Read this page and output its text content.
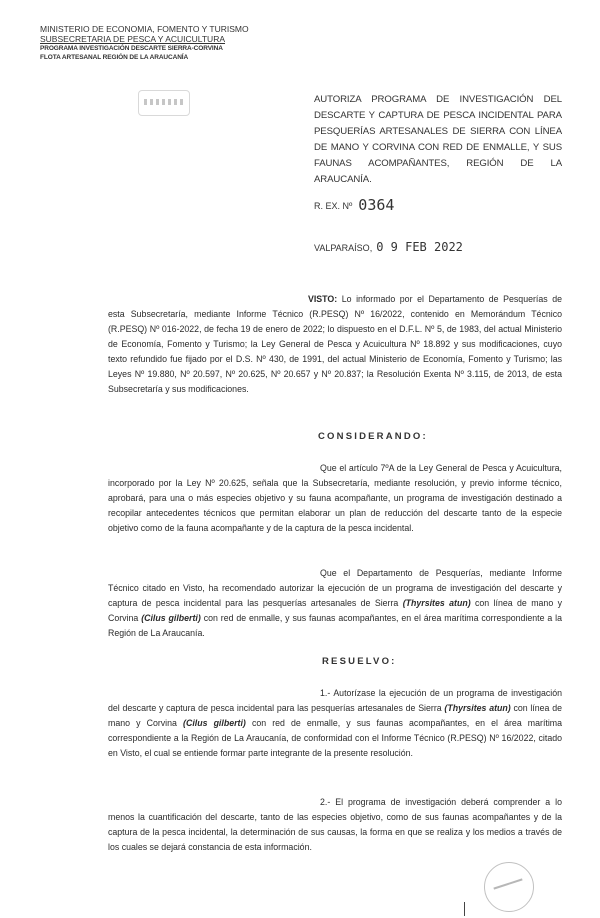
MINISTERIO DE ECONOMIA, FOMENTO Y TURISMO
SUBSECRETARIA DE PESCA Y ACUICULTURA
PROGRAMA INVESTIGACIÓN DESCARTE SIERRA-CORVINA
FLOTA ARTESANAL REGIÓN DE LA ARAUCANÍA
AUTORIZA PROGRAMA DE INVESTIGACIÓN DEL DESCARTE Y CAPTURA DE PESCA INCIDENTAL PARA PESQUERÍAS ARTESANALES DE SIERRA CON LÍNEA DE MANO Y CORVINA CON RED DE ENMALLE, Y SUS FAUNAS ACOMPAÑANTES, REGIÓN DE LA ARAUCANÍA.
R. EX. Nº 0364
VALPARAÍSO, 0 9 FEB 2022
VISTO: Lo informado por el Departamento de Pesquerías de esta Subsecretaría, mediante Informe Técnico (R.PESQ) Nº 16/2022, contenido en Memorándum Técnico (R.PESQ) Nº 016-2022, de fecha 19 de enero de 2022; lo dispuesto en el D.F.L. Nº 5, de 1983, del actual Ministerio de Economía, Fomento y Turismo; la Ley General de Pesca y Acuicultura Nº 18.892 y sus modificaciones, cuyo texto refundido fue fijado por el D.S. Nº 430, de 1991, del actual Ministerio de Economía, Fomento y Turismo; las Leyes Nº 19.880, Nº 20.597, Nº 20.625, Nº 20.657 y Nº 20.837; la Resolución Exenta Nº 3.115, de 2013, de esta Subsecretaría y sus modificaciones.
CONSIDERANDO:
Que el artículo 7ºA de la Ley General de Pesca y Acuicultura, incorporado por la Ley Nº 20.625, señala que la Subsecretaría, mediante resolución, y previo informe técnico, aprobará, para una o más especies objetivo y su fauna acompañante, un programa de investigación destinado a recopilar antecedentes técnicos que permitan elaborar un plan de reducción del descarte tanto de la especie objetivo como de la fauna acompañante y de la captura de la pesca incidental.
Que el Departamento de Pesquerías, mediante Informe Técnico citado en Visto, ha recomendado autorizar la ejecución de un programa de investigación del descarte y captura de pesca incidental para las pesquerías artesanales de Sierra (Thyrsites atun) con línea de mano y Corvina (Cilus gilberti) con red de enmalle, y sus faunas acompañantes, en el área marítima correspondiente a la Región de La Araucanía.
RESUELVO:
1.- Autorízase la ejecución de un programa de investigación del descarte y captura de pesca incidental para las pesquerías artesanales de Sierra (Thyrsites atun) con línea de mano y Corvina (Cilus gilberti) con red de enmalle, y sus faunas acompañantes, en el área marítima correspondiente a la Región de La Araucanía, de conformidad con el Informe Técnico (R.PESQ) Nº 16/2022, citado en Visto, el cual se entiende formar parte integrante de la presente resolución.
2.- El programa de investigación deberá comprender a lo menos la cuantificación del descarte, tanto de las especies objetivo, como de sus faunas acompañantes y de la captura de la pesca incidental, la determinación de sus causas, la forma en que se realiza y los medios a través de los cuales se dejará constancia de esta información.
